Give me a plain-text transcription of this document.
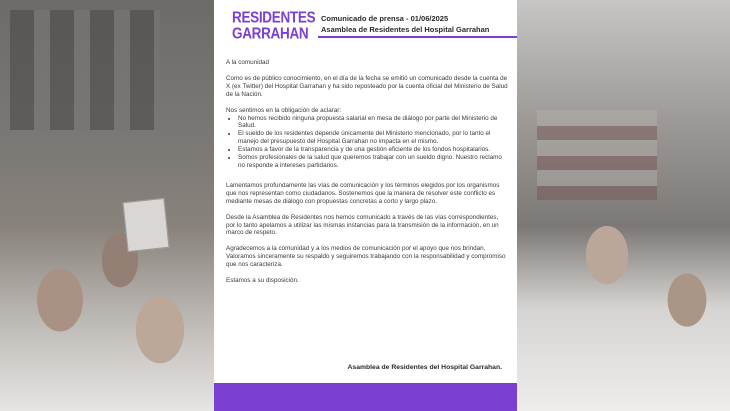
RESIDENTES
GARRAHAN
Comunicado de prensa - 01/06/2025
Asamblea de Residentes del Hospital Garrahan

A la comunidad

Como es de público conocimiento, en el día de la fecha se emitió un comunicado desde la cuenta de X (ex Twitter) del Hospital Garrahan y ha sido reposteado por la cuenta oficial del Ministerio de Salud de la Nación.

Nos sentimos en la obligación de aclarar:

• No hemos recibido ninguna propuesta salarial en mesa de diálogo por parte del Ministerio de Salud.
• El sueldo de los residentes depende únicamente del Ministerio mencionado, por lo tanto el manejo del presupuesto del Hospital Garrahan no impacta en el mismo.
• Estamos a favor de la transparencia y de una gestión eficiente de los fondos hospitalarios.
• Somos profesionales de la salud que queremos trabajar con un sueldo digno. Nuestro reclamo no responde a intereses partidarios.

Lamentamos profundamente las vías de comunicación y los términos elegidos por los organismos que nos representan como ciudadanos. Sostenemos que la manera de resolver este conflicto es mediante mesas de diálogo con propuestas concretas a corto y largo plazo.

Desde la Asamblea de Residentes nos hemos comunicado a través de las vías correspondientes, por lo tanto apelamos a utilizar las mismas instancias para la transmisión de la información, en un marco de respeto.

Agradecemos a la comunidad y a los medios de comunicación por el apoyo que nos brindan. Valoramos sinceramente su respaldo y seguiremos trabajando con la responsabilidad y compromiso que nos caracteriza.

Estamos a su disposición.

Asamblea de Residentes del Hospital Garrahan.
